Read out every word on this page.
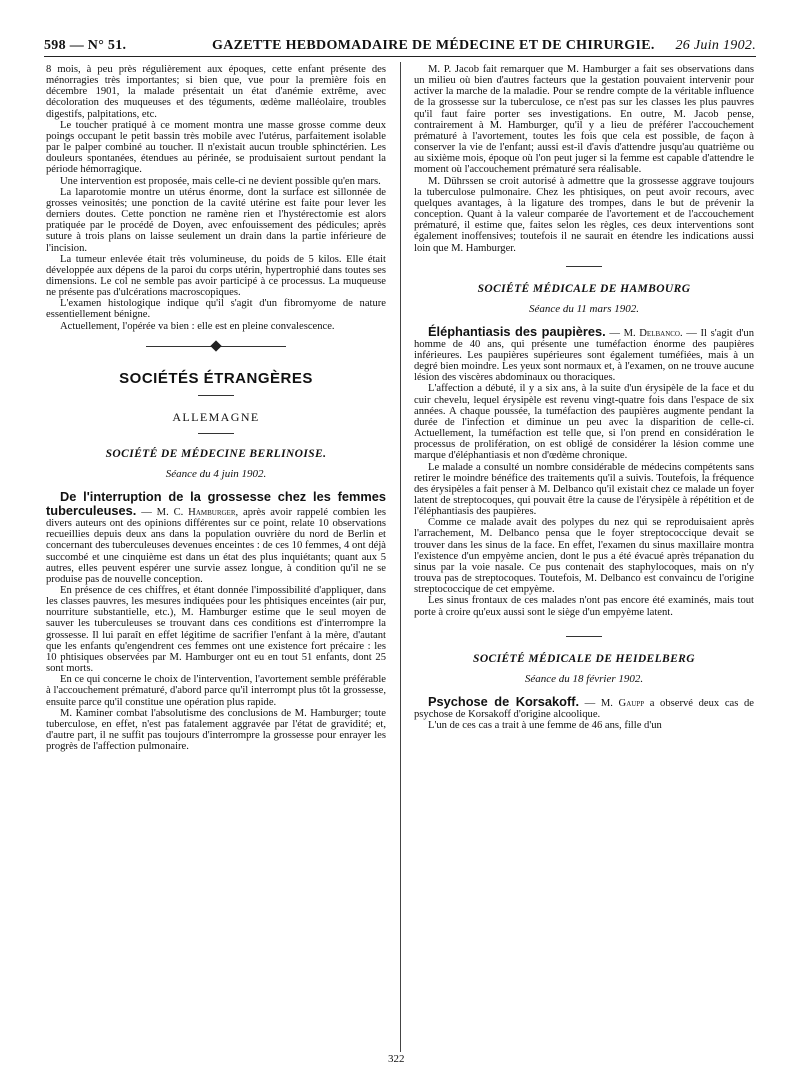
598 — N° 51.	GAZETTE HEBDOMADAIRE DE MÉDECINE ET DE CHIRURGIE. 26 Juin 1902.

8 mois, à peu près régulièrement aux époques, cette enfant présente des ménorragies très importantes; si bien que, vue pour la première fois en décembre 1901, la malade présentait un état d'anémie extrême, avec décoloration des muqueuses et des téguments, œdème malléolaire, troubles digestifs, palpitations, etc.

Le toucher pratiqué à ce moment montra une masse grosse comme deux poings occupant le petit bassin très mobile avec l'utérus, parfaitement isolable par le palper combiné au toucher. Il n'existait aucun trouble sphinctérien. Les douleurs spontanées, étendues au périnée, se produisaient surtout pendant la période hémorragique.

Une intervention est proposée, mais celle-ci ne devient possible qu'en mars.

La laparotomie montre un utérus énorme, dont la surface est sillonnée de grosses veinosités; une ponction de la cavité utérine est faite pour lever les derniers doutes. Cette ponction ne ramène rien et l'hystérectomie est alors pratiquée par le procédé de Doyen, avec enfouissement des pédicules; après suture à trois plans on laisse seulement un drain dans la partie inférieure de l'incision.

La tumeur enlevée était très volumineuse, du poids de 5 kilos. Elle était développée aux dépens de la paroi du corps utérin, hypertrophié dans toutes ses dimensions. Le col ne semble pas avoir participé à ce processus. La muqueuse ne présente pas d'ulcérations macroscopiques.

L'examen histologique indique qu'il s'agit d'un fibromyome de nature essentiellement bénigne.

Actuellement, l'opérée va bien : elle est en pleine convalescence.

SOCIÉTÉS ÉTRANGÈRES

ALLEMAGNE

SOCIÉTÉ DE MÉDECINE BERLINOISE.

Séance du 4 juin 1902.

De l'interruption de la grossesse chez les femmes tuberculeuses. — M. C. Hamburger, après avoir rappelé combien les divers auteurs ont des opinions différentes sur ce point, relate 10 observations recueillies depuis deux ans dans la population ouvrière du nord de Berlin et concernant des tuberculeuses devenues enceintes : de ces 10 femmes, 4 ont déjà succombé et une cinquième est dans un état des plus inquiétants; quant aux 5 autres, elles peuvent espérer une survie assez longue, à condition qu'il ne se produise pas de nouvelle conception.

En présence de ces chiffres, et étant donnée l'impossibilité d'appliquer, dans les classes pauvres, les mesures indiquées pour les phtisiques enceintes (air pur, nourriture substantielle, etc.), M. Hamburger estime que le seul moyen de sauver les tuberculeuses se trouvant dans ces conditions est d'interrompre la grossesse. Il lui paraît en effet légitime de sacrifier l'enfant à la mère, d'autant que les enfants qu'engendrent ces femmes ont une existence fort précaire : les 10 phtisiques observées par M. Hamburger ont eu en tout 51 enfants, dont 25 sont morts.

En ce qui concerne le choix de l'intervention, l'avortement semble préférable à l'accouchement prématuré, d'abord parce qu'il interrompt plus tôt la grossesse, ensuite parce qu'il constitue une opération plus rapide.

M. Kaminer combat l'absolutisme des conclusions de M. Hamburger; toute tuberculose, en effet, n'est pas fatalement aggravée par l'état de gravidité; et, d'autre part, il ne suffit pas toujours d'interrompre la grossesse pour enrayer les progrès de l'affection pulmonaire.

M. P. Jacob fait remarquer que M. Hamburger a fait ses observations dans un milieu où bien d'autres facteurs que la gestation pouvaient intervenir pour activer la marche de la maladie. Pour se rendre compte de la véritable influence de la grossesse sur la tuberculose, ce n'est pas sur les classes les plus pauvres qu'il faut faire porter ses investigations. En outre, M. Jacob pense, contrairement à M. Hamburger, qu'il y a lieu de préférer l'accouchement prématuré à l'avortement, toutes les fois que cela est possible, de façon à conserver la vie de l'enfant; aussi est-il d'avis d'attendre jusqu'au quatrième ou au sixième mois, époque où l'on peut juger si la femme est capable d'attendre le moment où l'accouchement prématuré sera réalisable.

M. Dührssen se croit autorisé à admettre que la grossesse aggrave toujours la tuberculose pulmonaire. Chez les phtisiques, on peut avoir recours, avec quelques avantages, à la ligature des trompes, dans le but de prévenir la conception. Quant à la valeur comparée de l'avortement et de l'accouchement prématuré, il estime que, faites selon les règles, ces deux interventions sont également inoffensives; toutefois il ne saurait en étendre les indications aussi loin que M. Hamburger.

SOCIÉTÉ MÉDICALE DE HAMBOURG

Séance du 11 mars 1902.

Éléphantiasis des paupières. — M. Delbanco. — Il s'agit d'un homme de 40 ans, qui présente une tuméfaction énorme des paupières inférieures. Les paupières supérieures sont également tuméfiées, mais à un degré bien moindre. Les yeux sont normaux et, à l'examen, on ne trouve aucune lésion des viscères abdominaux ou thoraciques.

L'affection a débuté, il y a six ans, à la suite d'un érysipèle de la face et du cuir chevelu, lequel érysipèle est revenu vingt-quatre fois dans l'espace de six années. A chaque poussée, la tuméfaction des paupières augmente pendant la durée de l'infection et diminue un peu avec la disparition de celle-ci. Actuellement, la tuméfaction est telle que, si l'on prend en considération le processus de prolifération, on est obligé de considérer la lésion comme une marque d'éléphantiasis et non d'œdème chronique.

Le malade a consulté un nombre considérable de médecins compétents sans retirer le moindre bénéfice des traitements qu'il a suivis. Toutefois, la fréquence des érysipèles a fait penser à M. Delbanco qu'il existait chez ce malade un foyer latent de streptocoques, qui pouvait être la cause de l'érysipèle à répétition et de l'éléphantiasis des paupières.

Comme ce malade avait des polypes du nez qui se reproduisaient après l'arrachement, M. Delbanco pensa que le foyer streptococcique devait se trouver dans les sinus de la face. En effet, l'examen du sinus maxillaire montra l'existence d'un empyème ancien, dont le pus a été évacué après trépanation du sinus par la voie nasale. Ce pus contenait des staphylocoques, mais on n'y trouva pas de streptocoques. Toutefois, M. Delbanco est convaincu de l'origine streptococcique de cet empyème.

Les sinus frontaux de ces malades n'ont pas encore été examinés, mais tout porte à croire qu'eux aussi sont le siège d'un empyème latent.

SOCIÉTÉ MÉDICALE DE HEIDELBERG

Séance du 18 février 1902.

Psychose de Korsakoff. — M. Gaupp a observé deux cas de psychose de Korsakoff d'origine alcoolique.

L'un de ces cas a trait à une femme de 46 ans, fille d'un

322
